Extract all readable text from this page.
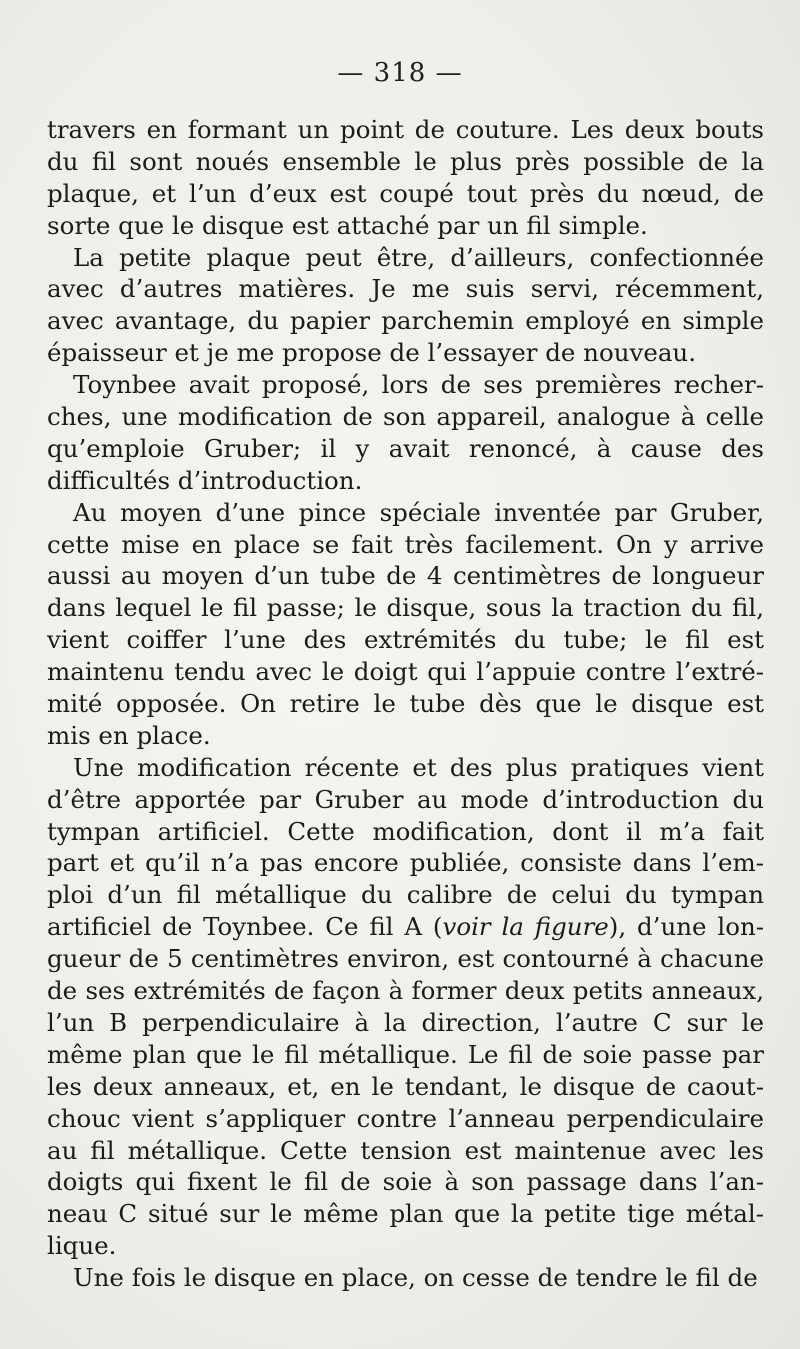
— 318 —
travers en formant un point de couture. Les deux bouts
du fil sont noués ensemble le plus près possible de la
plaque, et l’un d’eux est coupé tout près du nœud, de
sorte que le disque est attaché par un fil simple.
La petite plaque peut être, d’ailleurs, confectionnée
avec d’autres matières. Je me suis servi, récemment,
avec avantage, du papier parchemin employé en simple
épaisseur et je me propose de l’essayer de nouveau.
Toynbee avait proposé, lors de ses premières recher-
ches, une modification de son appareil, analogue à celle
qu’emploie Gruber; il y avait renoncé, à cause des
difficultés d’introduction.
Au moyen d’une pince spéciale inventée par Gruber,
cette mise en place se fait très facilement. On y arrive
aussi au moyen d’un tube de 4 centimètres de longueur
dans lequel le fil passe; le disque, sous la traction du fil,
vient coiffer l’une des extrémités du tube; le fil est
maintenu tendu avec le doigt qui l’appuie contre l’extré-
mité opposée. On retire le tube dès que le disque est
mis en place.
Une modification récente et des plus pratiques vient
d’être apportée par Gruber au mode d’introduction du
tympan artificiel. Cette modification, dont il m’a fait
part et qu’il n’a pas encore publiée, consiste dans l’em-
ploi d’un fil métallique du calibre de celui du tympan
artificiel de Toynbee. Ce fil A (voir la figure), d’une lon-
gueur de 5 centimètres environ, est contourné à chacune
de ses extrémités de façon à former deux petits anneaux,
l’un B perpendiculaire à la direction, l’autre C sur le
même plan que le fil métallique. Le fil de soie passe par
les deux anneaux, et, en le tendant, le disque de caout-
chouc vient s’appliquer contre l’anneau perpendiculaire
au fil métallique. Cette tension est maintenue avec les
doigts qui fixent le fil de soie à son passage dans l’an-
neau C situé sur le même plan que la petite tige métal-
lique.
Une fois le disque en place, on cesse de tendre le fil de
